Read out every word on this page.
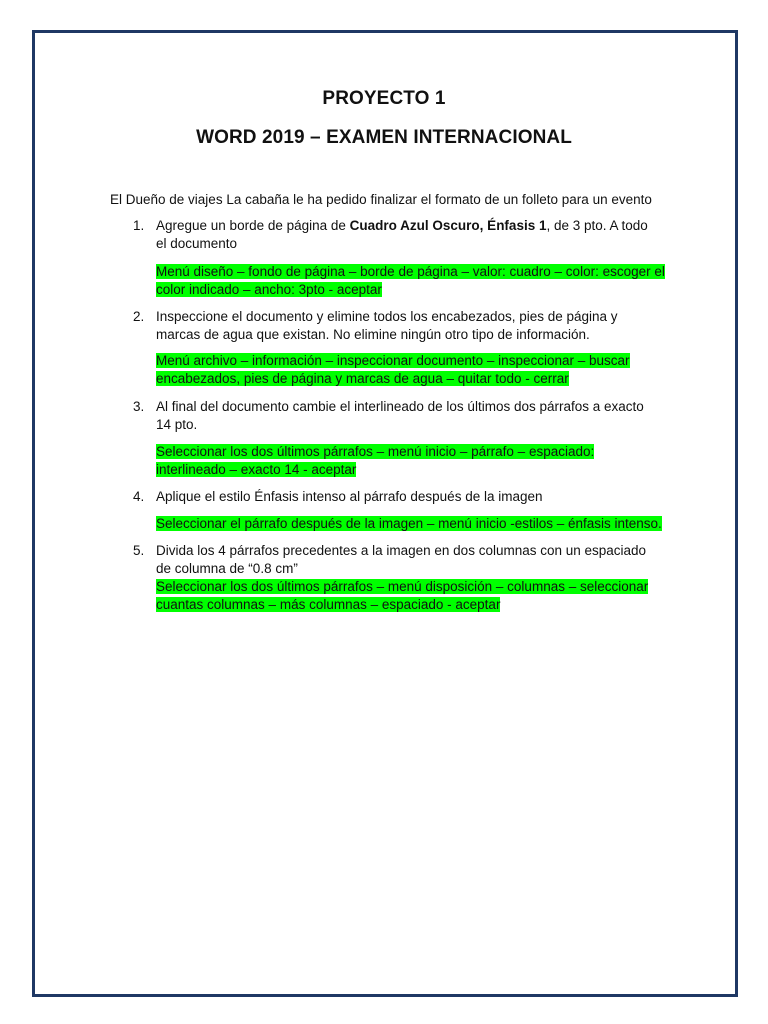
PROYECTO 1
WORD 2019 – EXAMEN INTERNACIONAL
El Dueño de viajes La cabaña le ha pedido finalizar el formato de un folleto para un evento
1. Agregue un borde de página de Cuadro Azul Oscuro, Énfasis 1, de 3 pto. A todo el documento
Menú diseño – fondo de página – borde de página – valor: cuadro – color: escoger el color indicado – ancho: 3pto - aceptar
2. Inspeccione el documento y elimine todos los encabezados, pies de página y marcas de agua que existan. No elimine ningún otro tipo de información.
Menú archivo – información – inspeccionar documento – inspeccionar – buscar encabezados, pies de página y marcas de agua – quitar todo - cerrar
3. Al final del documento cambie el interlineado de los últimos dos párrafos a exacto 14 pto.
Seleccionar los dos últimos párrafos – menú inicio – párrafo – espaciado: interlineado – exacto 14 - aceptar
4. Aplique el estilo Énfasis intenso al párrafo después de la imagen
Seleccionar el párrafo después de la imagen – menú inicio -estilos – énfasis intenso.
5. Divida los 4 párrafos precedentes a la imagen en dos columnas con un espaciado de columna de “0.8 cm”
Seleccionar los dos últimos párrafos – menú disposición – columnas – seleccionar cuantas columnas – más columnas – espaciado - aceptar
